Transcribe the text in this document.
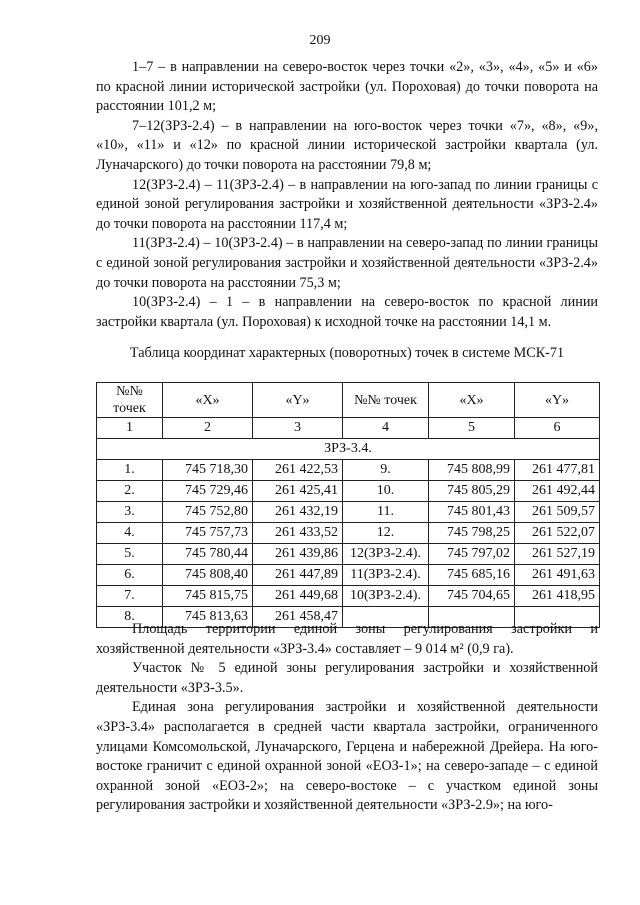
209

1–7 – в направлении на северо-восток через точки «2», «3», «4», «5» и «6» по красной линии исторической застройки (ул. Пороховая) до точки поворота на расстоянии 101,2 м;

7–12(ЗРЗ-2.4) – в направлении на юго-восток через точки «7», «8», «9», «10», «11» и «12» по красной линии исторической застройки квартала (ул. Луначарского) до точки поворота на расстоянии 79,8 м;

12(ЗРЗ-2.4) – 11(ЗРЗ-2.4) – в направлении на юго-запад по линии границы с единой зоной регулирования застройки и хозяйственной деятельности «ЗРЗ-2.4» до точки поворота на расстоянии 117,4 м;

11(ЗРЗ-2.4) – 10(ЗРЗ-2.4) – в направлении на северо-запад по линии границы с единой зоной регулирования застройки и хозяйственной деятельности «ЗРЗ-2.4» до точки поворота на расстоянии 75,3 м;

10(ЗРЗ-2.4) – 1 – в направлении на северо-восток по красной линии застройки квартала (ул. Пороховая) к исходной точке на расстоянии 14,1 м.

Таблица координат характерных (поворотных) точек в системе МСК-71
№№ точек	«X»	«Y»	№№ точек	«X»	«Y»
1	2	3	4	5	6
ЗРЗ-3.4.					
1.	745 718,30	261 422,53	9.	745 808,99	261 477,81
2.	745 729,46	261 425,41	10.	745 805,29	261 492,44
3.	745 752,80	261 432,19	11.	745 801,43	261 509,57
4.	745 757,73	261 433,52	12.	745 798,25	261 522,07
5.	745 780,44	261 439,86	12(ЗРЗ-2.4).	745 797,02	261 527,19
6.	745 808,40	261 447,89	11(ЗРЗ-2.4).	745 685,16	261 491,63
7.	745 815,75	261 449,68	10(ЗРЗ-2.4).	745 704,65	261 418,95
8.	745 813,63	261 458,47			

Площадь территории единой зоны регулирования застройки и хозяйственной деятельности «ЗРЗ-3.4» составляет – 9 014 м² (0,9 га).

Участок № 5 единой зоны регулирования застройки и хозяйственной деятельности «ЗРЗ-3.5».

Единая зона регулирования застройки и хозяйственной деятельности «ЗРЗ-3.4» располагается в средней части квартала застройки, ограниченного улицами Комсомольской, Луначарского, Герцена и набережной Дрейера. На юго-востоке граничит с единой охранной зоной «ЕОЗ-1»; на северо-западе – с единой охранной зоной «ЕОЗ-2»; на северо-востоке – с участком единой зоны регулирования застройки и хозяйственной деятельности «ЗРЗ-2.9»; на юго-
